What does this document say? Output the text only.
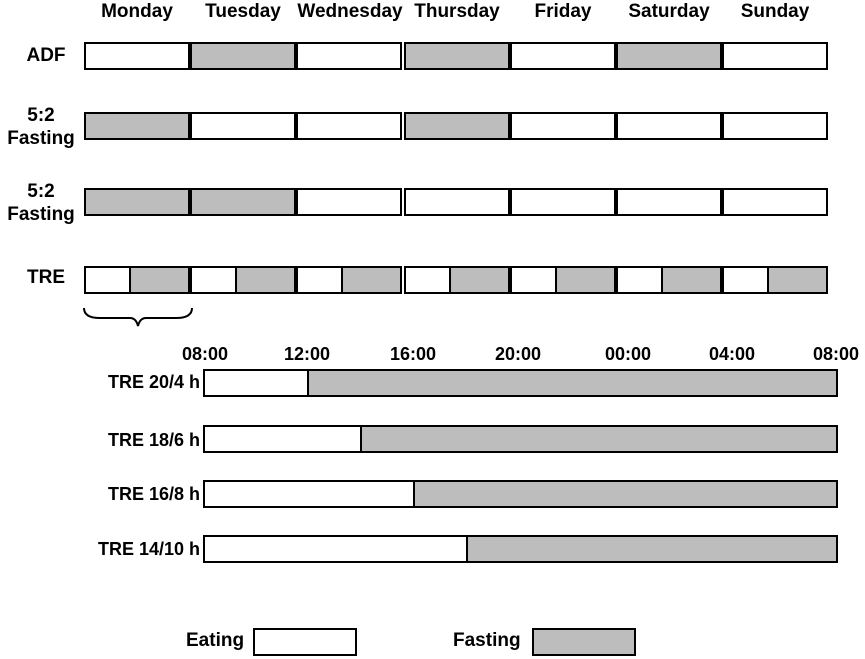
Monday	Tuesday Wednesday Thursday	Friday	Saturday	Sunday
ADF
5:2
Fasting
5:2
Fasting
TRE
08:00	12:00	16:00	20:00	00:00	04:00	08:00
TRE 20/4 h
TRE 18/6 h
TRE 16/8 h
TRE 14/10 h
Eating	Fasting
